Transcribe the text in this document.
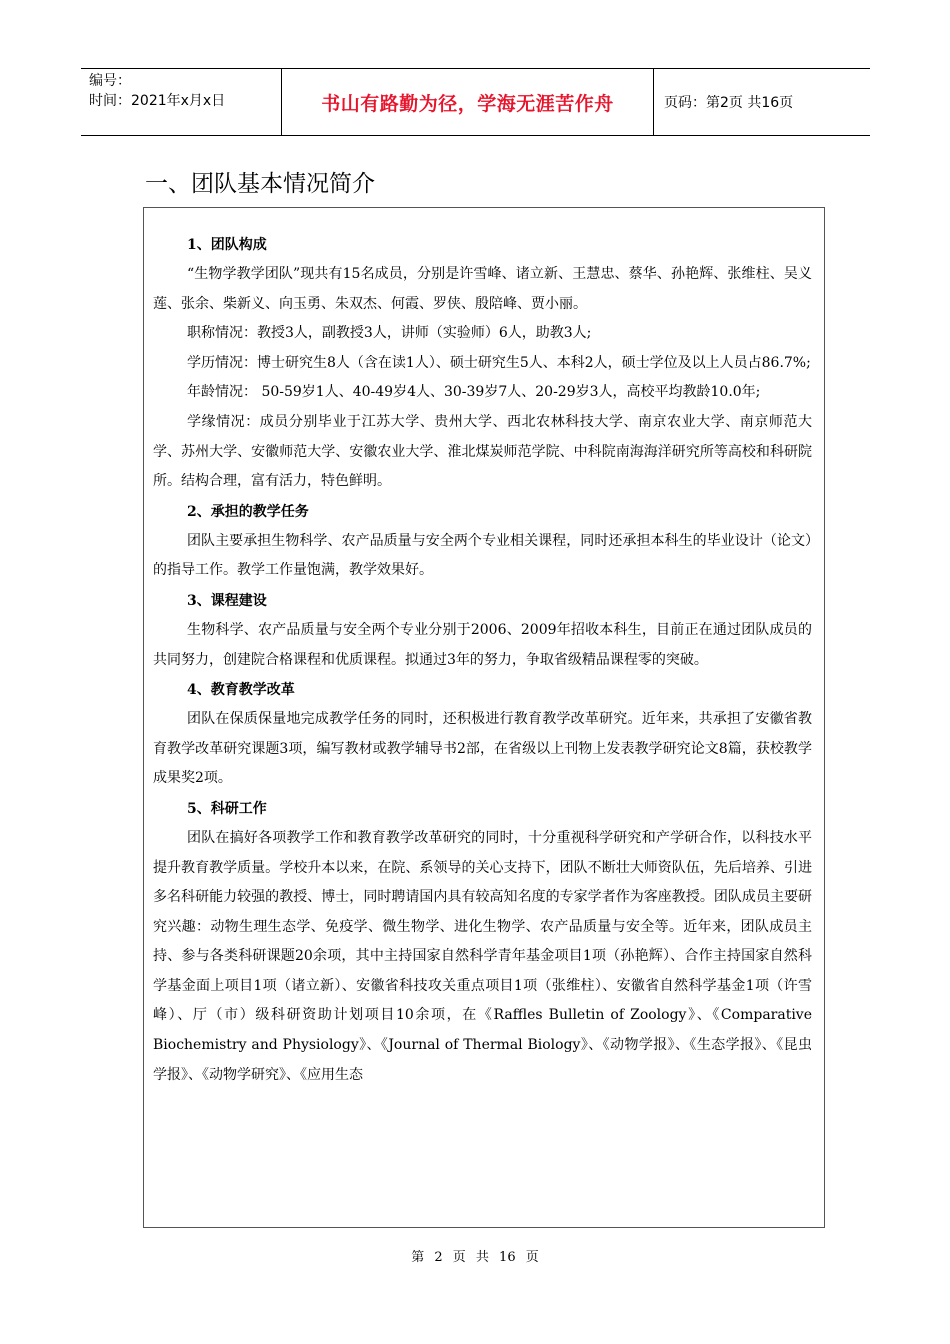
编号：
时间：2021年x月x日	书山有路勤为径，学海无涯苦作舟	页码：第2页 共16页
一、团队基本情况简介

1、团队构成

“生物学教学团队”现共有15名成员，分别是许雪峰、诸立新、王慧忠、蔡华、孙艳辉、张维柱、吴义莲、张余、柴新义、向玉勇、朱双杰、何霞、罗侠、殷陪峰、贾小丽。

职称情况：教授3人，副教授3人，讲师（实验师）6人，助教3人;

学历情况：博士研究生8人（含在读1人）、硕士研究生5人、本科2人，硕士学位及以上人员占86.7%;

年龄情况： 50-59岁1人、40-49岁4人、30-39岁7人、20-29岁3人，高校平均教龄10.0年;

学缘情况：成员分别毕业于江苏大学、贵州大学、西北农林科技大学、南京农业大学、南京师范大学、苏州大学、安徽师范大学、安徽农业大学、淮北煤炭师范学院、中科院南海海洋研究所等高校和科研院所。结构合理，富有活力，特色鲜明。

2、承担的教学任务

团队主要承担生物科学、农产品质量与安全两个专业相关课程，同时还承担本科生的毕业设计（论文）的指导工作。教学工作量饱满，教学效果好。

3、课程建设

生物科学、农产品质量与安全两个专业分别于2006、2009年招收本科生，目前正在通过团队成员的共同努力，创建院合格课程和优质课程。拟通过3年的努力，争取省级精品课程零的突破。

4、教育教学改革

团队在保质保量地完成教学任务的同时，还积极进行教育教学改革研究。近年来，共承担了安徽省教育教学改革研究课题3项，编写教材或教学辅导书2部，在省级以上刊物上发表教学研究论文8篇，获校教学成果奖2项。

5、科研工作

团队在搞好各项教学工作和教育教学改革研究的同时，十分重视科学研究和产学研合作，以科技水平提升教育教学质量。学校升本以来，在院、系领导的关心支持下，团队不断壮大师资队伍，先后培养、引进多名科研能力较强的教授、博士，同时聘请国内具有较高知名度的专家学者作为客座教授。团队成员主要研究兴趣：动物生理生态学、免疫学、微生物学、进化生物学、农产品质量与安全等。近年来，团队成员主持、参与各类科研课题20余项，其中主持国家自然科学青年基金项目1项（孙艳辉）、合作主持国家自然科学基金面上项目1项（诸立新）、安徽省科技攻关重点项目1项（张维柱）、安徽省自然科学基金1项（许雪峰）、厅（市）级科研资助计划项目10余项，在《Raffles Bulletin of Zoology》、《Comparative Biochemistry and Physiology》、《Journal of Thermal Biology》、《动物学报》、《生态学报》、《昆虫学报》、《动物学研究》、《应用生态

第 2 页 共 16 页
